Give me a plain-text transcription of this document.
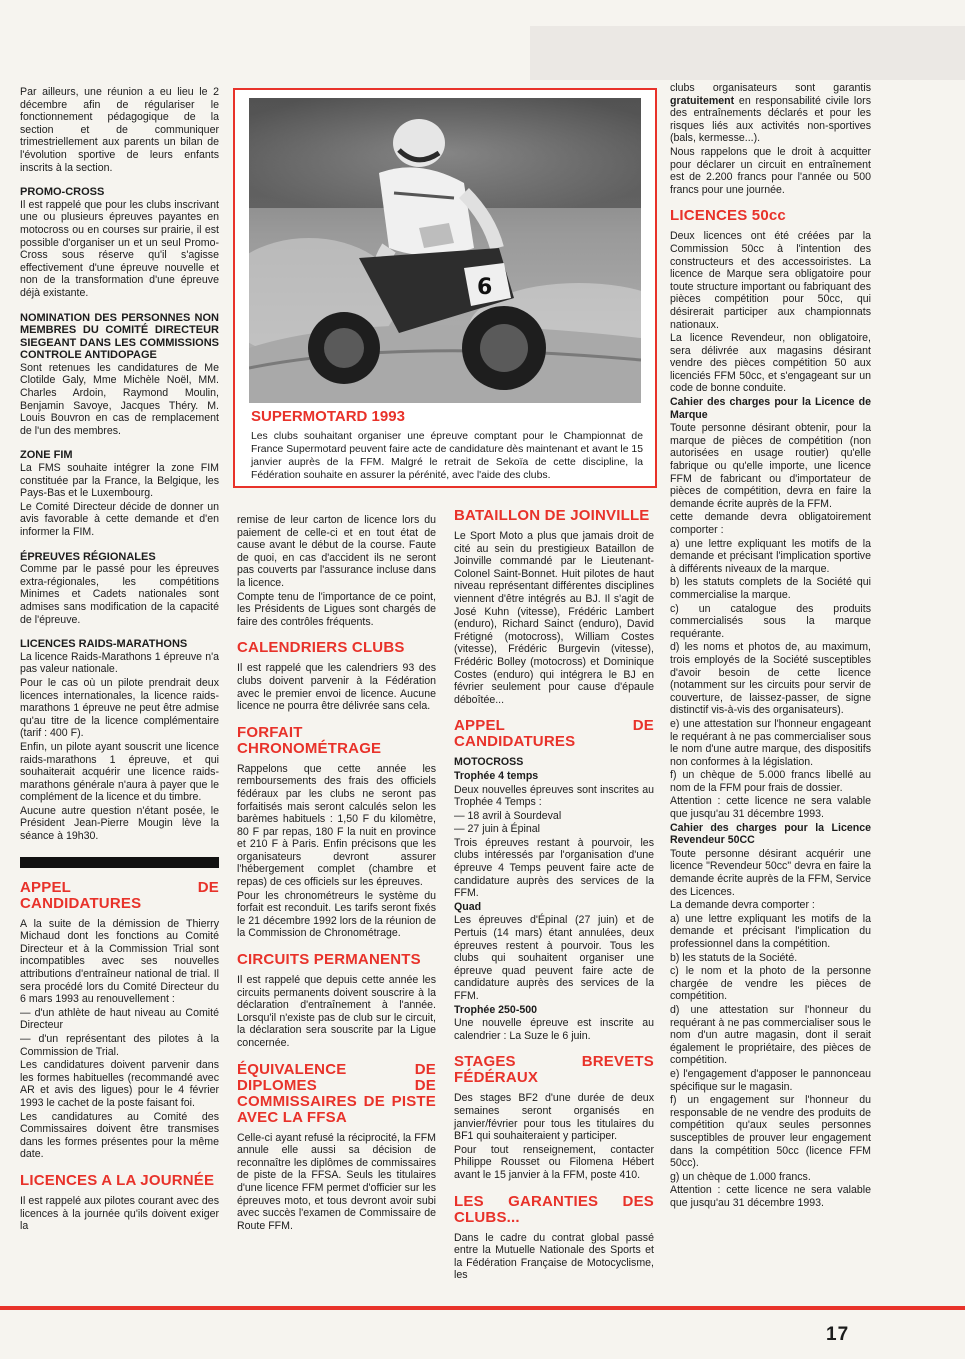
Par ailleurs, une réunion a eu lieu le 2 décembre afin de régulariser le fonctionnement pédagogique de la section et de communiquer trimestriellement aux parents un bilan de l'évolution sportive de leurs enfants inscrits à la section.

PROMO-CROSS

Il est rappelé que pour les clubs inscrivant une ou plusieurs épreuves payantes en motocross ou en courses sur prairie, il est possible d'organiser un et un seul Promo-Cross sous réserve qu'il s'agisse effectivement d'une épreuve nouvelle et non de la transformation d'une épreuve déjà existante.

NOMINATION DES PERSONNES NON MEMBRES DU COMITÉ DIRECTEUR SIEGEANT DANS LES COMMISSIONS CONTROLE ANTIDOPAGE

Sont retenues les candidatures de Me Clotilde Galy, Mme Michèle Noël, MM. Charles Ardoin, Raymond Moulin, Benjamin Savoye, Jacques Théry. M. Louis Bouvron en cas de remplacement de l'un des membres.

ZONE FIM

La FMS souhaite intégrer la zone FIM constituée par la France, la Belgique, les Pays-Bas et le Luxembourg.

Le Comité Directeur décide de donner un avis favorable à cette demande et d'en informer la FIM.

ÉPREUVES RÉGIONALES

Comme par le passé pour les épreuves extra-régionales, les compétitions Minimes et Cadets nationales sont admises sans modification de la capacité de l'épreuve.

LICENCES RAIDS-MARATHONS

La licence Raids-Marathons 1 épreuve n'a pas valeur nationale.

Pour le cas où un pilote prendrait deux licences internationales, la licence raids-marathons 1 épreuve ne peut être admise qu'au titre de la licence complémentaire (tarif : 400 F).

Enfin, un pilote ayant souscrit une licence raids-marathons 1 épreuve, et qui souhaiterait acquérir une licence raids-marathons générale n'aura à payer que le complément de la licence et du timbre.

Aucune autre question n'étant posée, le Président Jean-Pierre Mougin lève la séance à 19h30.

APPEL DE CANDIDATURES

A la suite de la démission de Thierry Michaud dont les fonctions au Comité Directeur et à la Commission Trial sont incompatibles avec ses nouvelles attributions d'entraîneur national de trial. Il sera procédé lors du Comité Directeur du 6 mars 1993 au renouvellement :

— d'un athlète de haut niveau au Comité Directeur

— d'un représentant des pilotes à la Commission de Trial.

Les candidatures doivent parvenir dans les formes habituelles (recommandé avec AR et avis des ligues) pour le 4 février 1993 le cachet de la poste faisant foi.

Les candidatures au Comité des Commissaires doivent être transmises dans les formes présentes pour la même date.

LICENCES A LA JOURNÉE

Il est rappelé aux pilotes courant avec des licences à la journée qu'ils doivent exiger la

6
SUPERMOTARD 1993
Les clubs souhaitant organiser une épreuve comptant pour le Championnat de France Supermotard peuvent faire acte de candidature dès maintenant et avant le 15 janvier auprès de la FFM. Malgré le retrait de Sekoïa de cette discipline, la Fédération souhaite en assurer la pérénité, avec l'aide des clubs.

remise de leur carton de licence lors du paiement de celle-ci et en tout état de cause avant le début de la course. Faute de quoi, en cas d'accident ils ne seront pas couverts par l'assurance incluse dans la licence.

Compte tenu de l'importance de ce point, les Présidents de Ligues sont chargés de faire des contrôles fréquents.

CALENDRIERS CLUBS

Il est rappelé que les calendriers 93 des clubs doivent parvenir à la Fédération avec le premier envoi de licence. Aucune licence ne pourra être délivrée sans cela.

FORFAIT CHRONOMÉTRAGE

Rappelons que cette année les remboursements des frais des officiels fédéraux par les clubs ne seront pas forfaitisés mais seront calculés selon les barèmes habituels : 1,50 F du kilomètre, 80 F par repas, 180 F la nuit en province et 210 F à Paris. Enfin précisons que les organisateurs devront assurer l'hébergement complet (chambre et repas) de ces officiels sur les épreuves.

Pour les chronométreurs le système du forfait est reconduit. Les tarifs seront fixés le 21 décembre 1992 lors de la réunion de la Commission de Chronométrage.

CIRCUITS PERMANENTS

Il est rappelé que depuis cette année les circuits permanents doivent souscrire à la déclaration d'entraînement à l'année. Lorsqu'il n'existe pas de club sur le circuit, la déclaration sera souscrite par la Ligue concernée.

ÉQUIVALENCE DE DIPLOMES DE COMMISSAIRES DE PISTE AVEC LA FFSA

Celle-ci ayant refusé la réciprocité, la FFM annule elle aussi sa décision de reconnaître les diplômes de commissaires de piste de la FFSA. Seuls les titulaires d'une licence FFM permet d'officier sur les épreuves moto, et tous devront avoir subi avec succès l'examen de Commissaire de Route FFM.

BATAILLON DE JOINVILLE

Le Sport Moto a plus que jamais droit de cité au sein du prestigieux Bataillon de Joinville commandé par le Lieutenant-Colonel Saint-Bonnet. Huit pilotes de haut niveau représentant différentes disciplines viennent d'être intégrés au BJ. Il s'agit de José Kuhn (vitesse), Frédéric Lambert (enduro), Richard Sainct (enduro), David Frétigné (motocross), William Costes (vitesse), Frédéric Burgevin (vitesse), Frédéric Bolley (motocross) et Dominique Costes (enduro) qui intégrera le BJ en février seulement pour cause d'épaule déboîtée...

APPEL DE CANDIDATURES

MOTOCROSS

Trophée 4 temps

Deux nouvelles épreuves sont inscrites au Trophée 4 Temps :

— 18 avril à Sourdeval

— 27 juin à Épinal

Trois épreuves restant à pourvoir, les clubs intéressés par l'organisation d'une épreuve 4 Temps peuvent faire acte de candidature auprès des services de la FFM.

Quad

Les épreuves d'Épinal (27 juin) et de Pertuis (14 mars) étant annulées, deux épreuves restent à pourvoir. Tous les clubs qui souhaitent organiser une épreuve quad peuvent faire acte de candidature auprès des services de la FFM.

Trophée 250-500

Une nouvelle épreuve est inscrite au calendrier : La Suze le 6 juin.

STAGES BREVETS FÉDÉRAUX

Des stages BF2 d'une durée de deux semaines seront organisés en janvier/février pour tous les titulaires du BF1 qui souhaiteraient y participer.

Pour tout renseignement, contacter Philippe Rousset ou Filomena Hébert avant le 15 janvier à la FFM, poste 410.

LES GARANTIES DES CLUBS...

Dans le cadre du contrat global passé entre la Mutuelle Nationale des Sports et la Fédération Française de Motocyclisme, les

clubs organisateurs sont garantis gratuitement en responsabilité civile lors des entraînements déclarés et pour les risques liés aux activités non-sportives (bals, kermesse...).

Nous rappelons que le droit à acquitter pour déclarer un circuit en entraînement est de 2.200 francs pour l'année ou 500 francs pour une journée.

LICENCES 50cc

Deux licences ont été créées par la Commission 50cc à l'intention des constructeurs et des accessoiristes. La licence de Marque sera obligatoire pour toute structure important ou fabriquant des pièces compétition pour 50cc, qui désirerait participer aux championnats nationaux.

La licence Revendeur, non obligatoire, sera délivrée aux magasins désirant vendre des pièces compétition 50 aux licenciés FFM 50cc, et s'engageant sur un code de bonne conduite.

Cahier des charges pour la Licence de Marque

Toute personne désirant obtenir, pour la marque de pièces de compétition (non autorisées en usage routier) qu'elle fabrique ou qu'elle importe, une licence FFM de fabricant ou d'importateur de pièces de compétition, devra en faire la demande écrite auprès de la FFM.

cette demande devra obligatoirement comporter :

a) une lettre expliquant les motifs de la demande et précisant l'implication sportive à différents niveaux de la marque.

b) les statuts complets de la Société qui commercialise la marque.

c) un catalogue des produits commercialisés sous la marque requérante.

d) les noms et photos de, au maximum, trois employés de la Société susceptibles d'avoir besoin de cette licence (notamment sur les circuits pour servir de couverture, de laissez-passer, de signe distinctif vis-à-vis des organisateurs).

e) une attestation sur l'honneur engageant le requérant à ne pas commercialiser sous le nom d'une autre marque, des dispositifs non conformes à la législation.

f) un chèque de 5.000 francs libellé au nom de la FFM pour frais de dossier.

Attention : cette licence ne sera valable que jusqu'au 31 décembre 1993.

Cahier des charges pour la Licence Revendeur 50CC

Toute personne désirant acquérir une licence "Revendeur 50cc" devra en faire la demande écrite auprès de la FFM, Service des Licences.

La demande devra comporter :

a) une lettre expliquant les motifs de la demande et précisant l'implication du professionnel dans la compétition.

b) les statuts de la Société.

c) le nom et la photo de la personne chargée de vendre les pièces de compétition.

d) une attestation sur l'honneur du requérant à ne pas commercialiser sous le nom d'un autre magasin, dont il serait également le propriétaire, des pièces de compétition.

e) l'engagement d'apposer le pannonceau spécifique sur le magasin.

f) un engagement sur l'honneur du responsable de ne vendre des produits de compétition qu'aux seules personnes susceptibles de prouver leur engagement dans la compétition 50cc (licence FFM 50cc).

g) un chèque de 1.000 francs.

Attention : cette licence ne sera valable que jusqu'au 31 décembre 1993.

17
